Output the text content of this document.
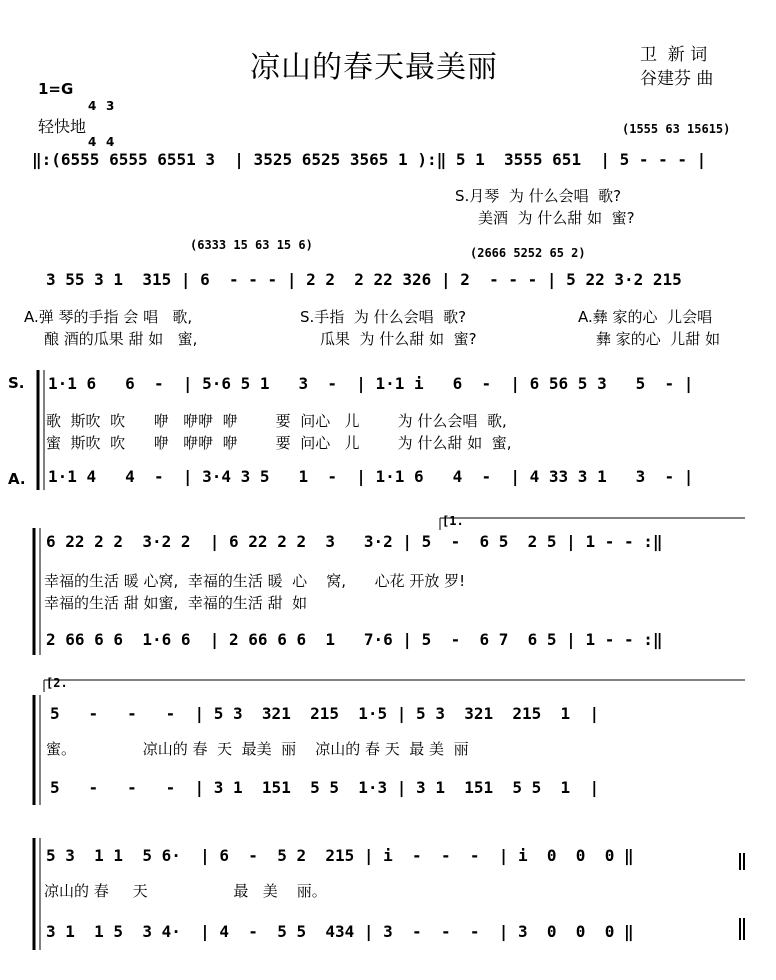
凉山的春天最美丽	卫  新 词
谷建芬 曲
1=G

4

4

3

4

轻快地	(1555 63 15615)
‖:(6555 6555 6551 3  | 3525 6525 3565 1 ):‖ 5 1  3555 651  | 5 - - - |
S.月琴  为 什么会唱  歌?
美酒  为 什么甜 如  蜜?
(6333 15 63 15 6)
(2666 5252 65 2)
3 55 3 1  315 | 6  - - - | 2 2  2 22 326 | 2  - - - | 5 22 3·2 215
A.弹 琴的手指 会 唱   歌,	S.手指  为 什么会唱  歌?	A.彝 家的心  儿会唱
酿 酒的瓜果 甜 如   蜜,	瓜果  为 什么甜 如  蜜?	彝 家的心  儿甜 如
S.
A.
1·1 6   6  -  | 5·6 5 1   3  -  | 1·1 i   6  -  | 6 56 5 3   5  - |
歌  斯吹  吹      咿   咿咿  咿        要  问心   儿        为 什么会唱  歌,
蜜  斯吹  吹      咿   咿咿  咿        要  问心   儿        为 什么甜 如  蜜,
1·1 4   4  -  | 3·4 3 5   1  -  | 1·1 6   4  -  | 4 33 3 1   3  - |
[1.
6 22 2 2  3·2 2  | 6 22 2 2  3   3·2 | 5  -  6 5  2 5 | 1 - - :‖
幸福的生活 暖 心窝,  幸福的生活 暖  心    窝,      心花 开放 罗!
幸福的生活 甜 如蜜,  幸福的生活 甜  如
2 66 6 6  1·6 6  | 2 66 6 6  1   7·6 | 5  -  6 7  6 5 | 1 - - :‖
[2.
5   -   -   -  | 5 3  321  215  1·5 | 5 3  321  215  1  |
蜜。              凉山的 春  天  最美  丽    凉山的 春 天  最 美  丽
5   -   -   -  | 3 1  151  5 5  1·3 | 3 1  151  5 5  1  |
5 3  1 1  5 6·  | 6  -  5 2  215 | i  -  -  -  | i  0  0  0 ‖
凉山的 春     天                  最   美    丽。
3 1  1 5  3 4·  | 4  -  5 5  434 | 3  -  -  -  | 3  0  0  0 ‖
